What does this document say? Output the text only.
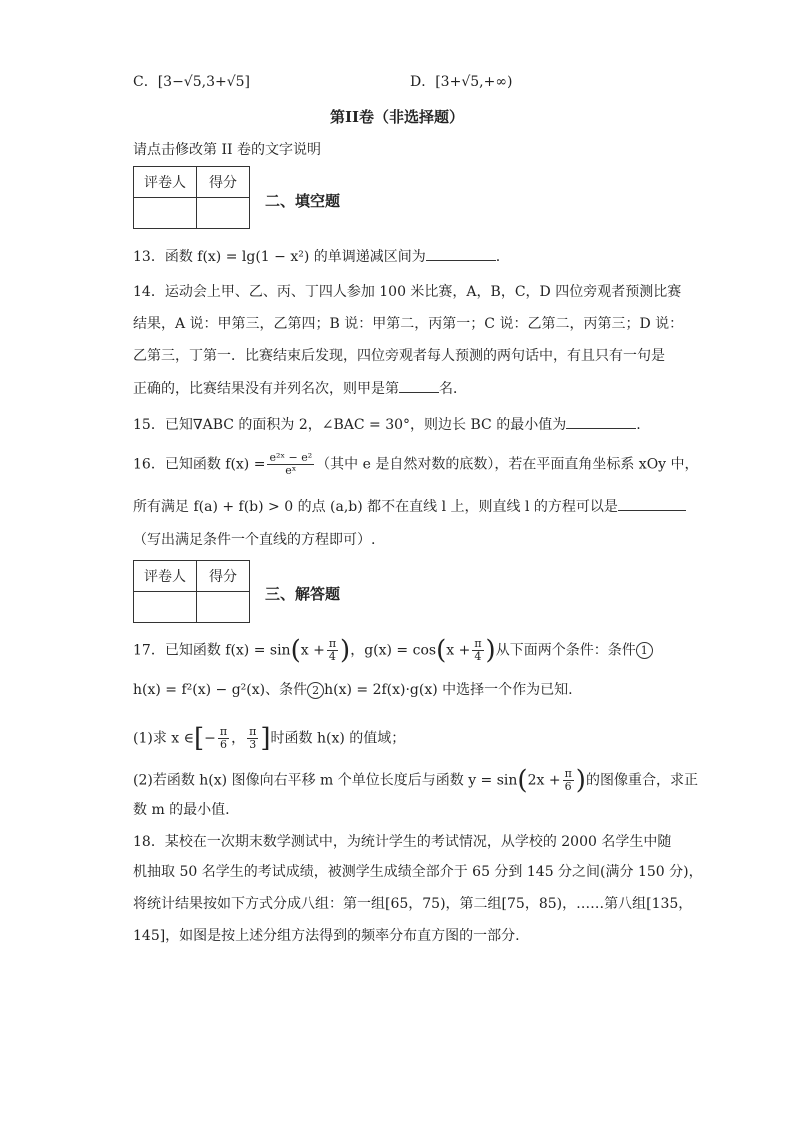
C．[3−√5,3+√5]	D．[3+√5,+∞)
第II卷（非选择题）
请点击修改第 II 卷的文字说明
评卷人	得分

二、填空题
13．函数 f(x) = lg(1 − x²) 的单调递减区间为	.
14．运动会上甲、乙、丙、丁四人参加 100 米比赛，A，B，C，D 四位旁观者预测比赛
结果，A 说：甲第三，乙第四；B 说：甲第二，丙第一；C 说：乙第二，丙第三；D 说：
乙第三，丁第一．比赛结束后发现，四位旁观者每人预测的两句话中，有且只有一句是
正确的，比赛结果没有并列名次，则甲是第	名．
15．已知∇ABC 的面积为 2，∠BAC = 30°，则边长 BC 的最小值为	.
16．已知函数 $f(x) = \frac{\text{e²ˣ − e²}}{\text{eˣ}}$ （其中 e 是自然对数的底数），若在平面直角坐标系 xOy 中，
所有满足 f(a) + f(b) > 0 的点 (a,b) 都不在直线 l 上，则直线 l 的方程可以是
（写出满足条件一个直线的方程即可）.
评卷人	得分

三、解答题
17．已知函数 $f(x) = \sin(x + \frac{\pi}{4}$ )，$g(x) = \cos(x + \frac{\pi}{4}$ )从下面两个条件：条件 1
h(x) = f²(x) − g²(x)、条件 2 h(x) = 2f(x)·g(x) 中选择一个作为已知.
(1)求 x ∈[− $\frac{\pi}{6}$ ， $\frac{\pi}{3}$ ]时函数 h(x) 的值域；
(2)若函数 h(x) 图像向右平移 m 个单位长度后与函数 $y = \sin(2x + \frac{\pi}{6}$ )的图像重合，求正
数 m 的最小值.
18．某校在一次期末数学测试中，为统计学生的考试情况，从学校的 2000 名学生中随
机抽取 50 名学生的考试成绩，被测学生成绩全部介于 65 分到 145 分之间(满分 150 分)，
将统计结果按如下方式分成八组：第一组[65，75)，第二组[75，85)，……第八组[135，
145]，如图是按上述分组方法得到的频率分布直方图的一部分.
